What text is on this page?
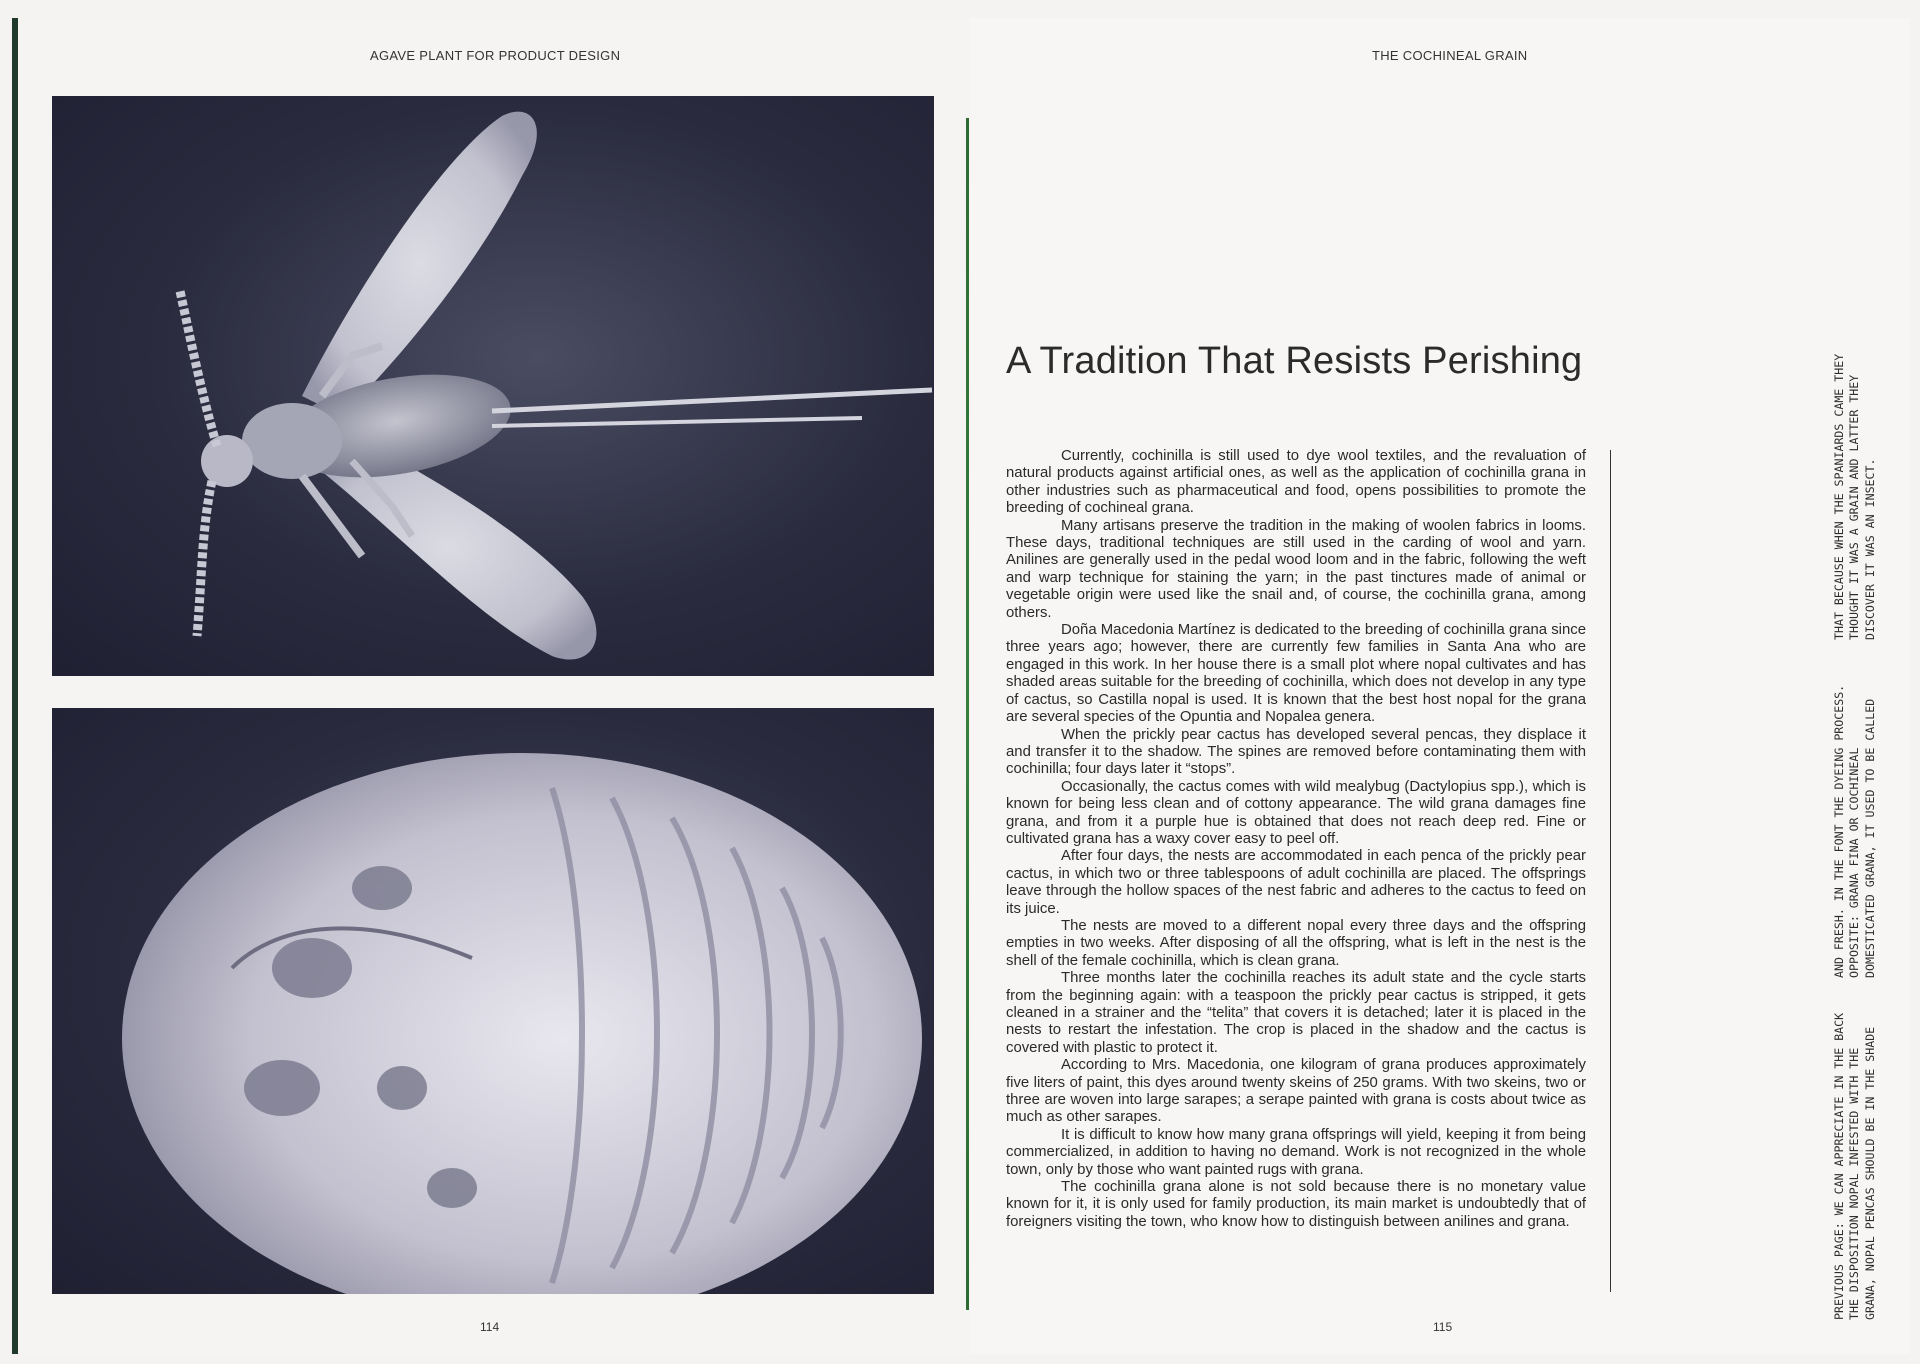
AGAVE PLANT FOR PRODUCT DESIGN
114
THE COCHINEAL GRAIN
A Tradition That Resists Perishing

Currently, cochinilla is still used to dye wool textiles, and the revaluation of natural products against artificial ones, as well as the application of cochinilla grana in other industries such as pharmaceutical and food, opens possibilities to promote the breeding of cochineal grana.

Many artisans preserve the tradition in the making of woolen fabrics in looms. These days, traditional techniques are still used in the carding of wool and yarn. Anilines are generally used in the pedal wood loom and in the fabric, following the weft and warp technique for staining the yarn; in the past tinctures made of animal or vegetable origin were used like the snail and, of course, the cochinilla grana, among others.

Doña Macedonia Martínez is dedicated to the breeding of cochinilla grana since three years ago; however, there are currently few families in Santa Ana who are engaged in this work. In her house there is a small plot where nopal cultivates and has shaded areas suitable for the breeding of cochinilla, which does not develop in any type of cactus, so Castilla nopal is used. It is known that the best host nopal for the grana are several species of the Opuntia and Nopalea genera.

When the prickly pear cactus has developed several pencas, they displace it and transfer it to the shadow. The spines are removed before contaminating them with cochinilla; four days later it “stops”.

Occasionally, the cactus comes with wild mealybug (Dactylopius spp.), which is known for being less clean and of cottony appearance. The wild grana damages fine grana, and from it a purple hue is obtained that does not reach deep red. Fine or cultivated grana has a waxy cover easy to peel off.

After four days, the nests are accommodated in each penca of the prickly pear cactus, in which two or three tablespoons of adult cochinilla are placed. The offsprings leave through the hollow spaces of the nest fabric and adheres to the cactus to feed on its juice.

The nests are moved to a different nopal every three days and the offspring empties in two weeks. After disposing of all the offspring, what is left in the nest is the shell of the female cochinilla, which is clean grana.

Three months later the cochinilla reaches its adult state and the cycle starts from the beginning again: with a teaspoon the prickly pear cactus is stripped, it gets cleaned in a strainer and the “telita” that covers it is detached; later it is placed in the nests to restart the infestation. The crop is placed in the shadow and the cactus is covered with plastic to protect it.

According to Mrs. Macedonia, one kilogram of grana produces approximately five liters of paint, this dyes around twenty skeins of 250 grams. With two skeins, two or three are woven into large sarapes; a serape painted with grana is costs about twice as much as other sarapes.

It is difficult to know how many grana offsprings will yield, keeping it from being commercialized, in addition to having no demand. Work is not recognized in the whole town, only by those who want painted rugs with grana.

The cochinilla grana alone is not sold because there is no monetary value known for it, it is only used for family production, its main market is undoubtedly that of foreigners visiting the town, who know how to distinguish between anilines and grana.	PREVIOUS PAGE: WE CAN APPRECIATE IN THE BACK THE DISPOSITION NOPAL INFESTED WITH THE GRANA, NOPAL PENCAS SHOULD BE IN THE SHADE
AND FRESH. IN THE FONT THE DYEING PROCESS. OPPOSITE: GRANA FINA OR COCHINEAL DOMESTICATED GRANA, IT USED TO BE CALLED
THAT BECAUSE WHEN THE SPANIARDS CAME THEY THOUGHT IT WAS A GRAIN AND LATTER THEY DISCOVER IT WAS AN INSECT.
115
